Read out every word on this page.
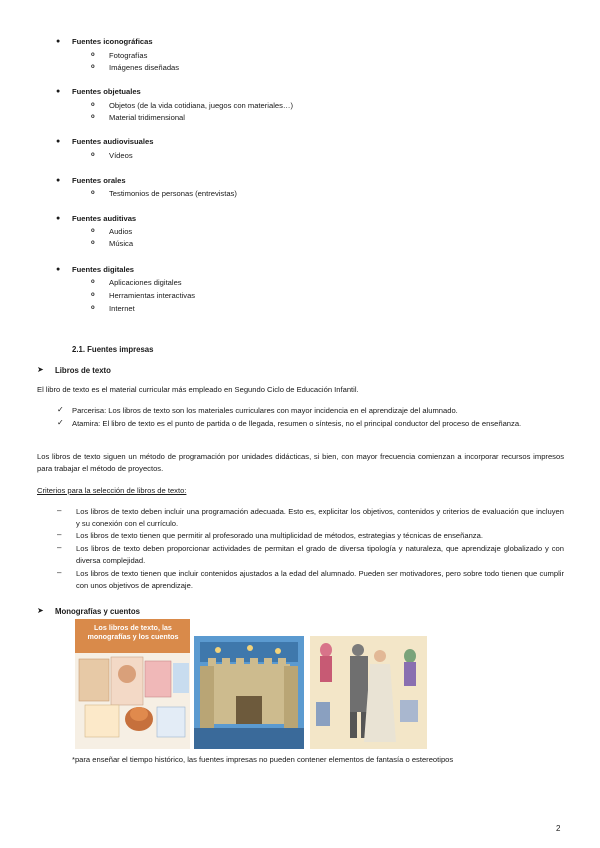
● Fuentes iconográficas
o Fotografías
o Imágenes diseñadas
● Fuentes objetuales
o Objetos (de la vida cotidiana, juegos con materiales…)
o Material tridimensional
● Fuentes audiovisuales
o Vídeos
● Fuentes orales
o Testimonios de personas (entrevistas)
● Fuentes auditivas
o Audios
o Música
● Fuentes digitales
o Aplicaciones digitales
o Herramientas interactivas
o Internet
2.1. Fuentes impresas
➤ Libros de texto
El libro de texto es el material curricular más empleado en Segundo Ciclo de Educación Infantil.
✓ Parcerisa: Los libros de texto son los materiales curriculares con mayor incidencia en el aprendizaje del alumnado.
✓ Atamira: El libro de texto es el punto de partida o de llegada, resumen o síntesis, no el principal conductor del proceso de enseñanza.
Los libros de texto siguen un método de programación por unidades didácticas, si bien, con mayor frecuencia comienzan a incorporar recursos impresos para trabajar el método de proyectos.
Criterios para la selección de libros de texto:
– Los libros de texto deben incluir una programación adecuada. Esto es, explicitar los objetivos, contenidos y criterios de evaluación que incluyen y su conexión con el currículo.
– Los libros de texto tienen que permitir al profesorado una multiplicidad de métodos, estrategias y técnicas de enseñanza.
– Los libros de texto deben proporcionar actividades de permitan el grado de diversa tipología y naturaleza, que aprendizaje globalizado y con diversa complejidad.
– Los libros de texto tienen que incluir contenidos ajustados a la edad del alumnado. Pueden ser motivadores, pero sobre todo tienen que cumplir con unos objetivos de aprendizaje.
➤ Monografías y cuentos
Los libros de texto, las monografías y los cuentos
*para enseñar el tiempo histórico, las fuentes impresas no pueden contener elementos de fantasía o estereotipos
2
